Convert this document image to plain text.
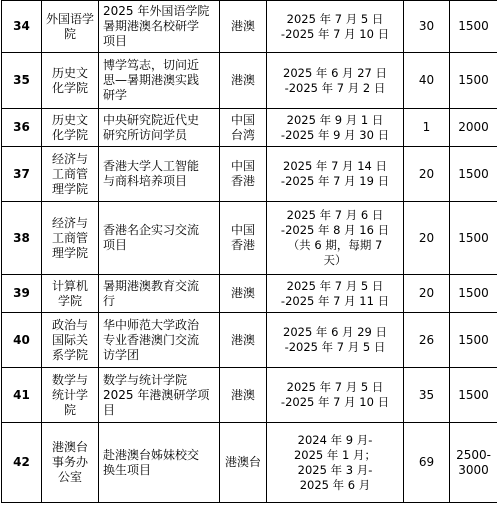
34	外国语学院	2025 年外国语学院
暑期港澳名校研学
项目	港澳	2025 年 7 月 5 日
-2025 年 7 月 10 日	30	1500
35	历史文
化学院	博学笃志，切问近
思—暑期港澳实践
研学	港澳	2025 年 6 月 27 日
-2025 年 7 月 2 日	40	1500
36	历史文
化学院	中央研究院近代史
研究所访问学员	中国
台湾	2025 年 9 月 1 日
-2025 年 9 月 30 日	1	2000
37	经济与
工商管
理学院	香港大学人工智能
与商科培养项目	中国
香港	2025 年 7 月 14 日
-2025 年 7 月 19 日	20	1500
38	经济与
工商管
理学院	香港名企实习交流
项目	中国
香港	2025 年 7 月 6 日
-2025 年 8 月 16 日
（共 6 期，每期 7
天）	20	1500
39	计算机
学院	暑期港澳教育交流
行	港澳	2025 年 7 月 5 日
-2025 年 7 月 11 日	20	1500
40	政治与
国际关
系学院	华中师范大学政治
专业香港澳门交流
访学团	港澳	2025 年 6 月 29 日
-2025 年 7 月 5 日	26	1500
41	数学与
统计学
院	数学与统计学院
2025 年港澳研学项
目	港澳	2025 年 7 月 5 日
-2025 年 7 月 10 日	35	1500
42	港澳台
事务办
公室	赴港澳台姊妹校交
换生项目	港澳台	2024 年 9 月-
2025 年 1 月；
2025 年 3 月-
2025 年 6 月	69	2500-
3000
